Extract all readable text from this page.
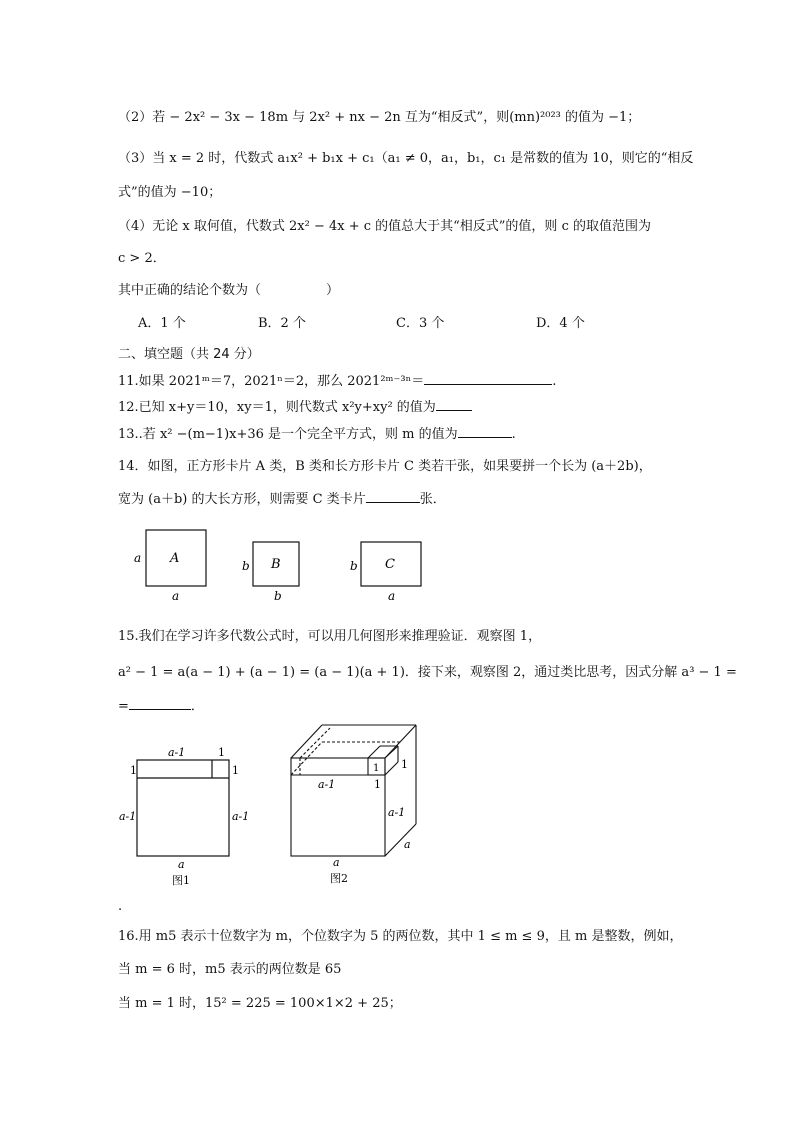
（2）若 − 2x² − 3x − 18m 与 2x² + nx − 2n 互为“相反式”，则(mn)²⁰²³ 的值为 −1；
（3）当 x = 2 时，代数式 a₁x² + b₁x + c₁（a₁ ≠ 0，a₁，b₁，c₁ 是常数的值为 10，则它的“相反
式”的值为 −10；
（4）无论 x 取何值，代数式 2x² − 4x + c 的值总大于其“相反式”的值，则 c 的取值范围为
c > 2．
其中正确的结论个数为（　　　　　）
A．1 个	B．2 个	C．3 个	D．4 个
二、填空题（共 24 分）
11.如果 2021ᵐ＝7，2021ⁿ＝2，那么 2021²ᵐ⁻³ⁿ＝	.
12.已知 x+y＝10，xy＝1，则代数式 x²y+xy² 的值为
13..若 x² −(m−1)x+36 是一个完全平方式，则 m 的值为	.
14．如图，正方形卡片 A 类，B 类和长方形卡片 C 类若干张，如果要拼一个长为 (a＋2b)，
宽为 (a＋b) 的大长方形，则需要 C 类卡片	张．
A
a
a
B
b
b
C
b
a
15.我们在学习许多代数公式时，可以用几何图形来推理验证．观察图 1，
a² − 1 = a(a − 1) + (a − 1) = (a − 1)(a + 1)．接下来，观察图 2，通过类比思考，因式分解 a³ − 1 =
=	．
a-1	1
1	1
a-1	a-1
a
图1
1
a-1	1
1
a-1
a
a
图2
.
16.用 m5 表示十位数字为 m，个位数字为 5 的两位数，其中 1 ≤ m ≤ 9，且 m 是整数，例如，
当 m = 6 时，m5 表示的两位数是 65
当 m = 1 时，15² = 225 = 100×1×2 + 25；
